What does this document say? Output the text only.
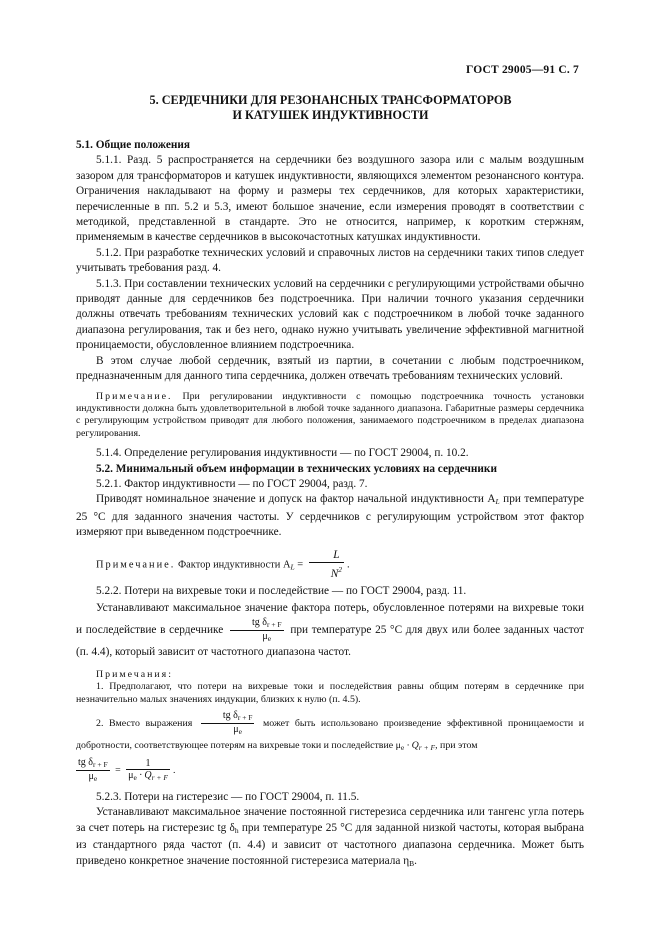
ГОСТ 29005—91 С. 7
5. СЕРДЕЧНИКИ ДЛЯ РЕЗОНАНСНЫХ ТРАНСФОРМАТОРОВ
И КАТУШЕК ИНДУКТИВНОСТИ

5.1. Общие положения

5.1.1. Разд. 5 распространяется на сердечники без воздушного зазора или с малым воздушным зазором для трансформаторов и катушек индуктивности, являющихся элементом резонансного контура. Ограничения накладывают на форму и размеры тех сердечников, для которых характеристики, перечисленные в пп. 5.2 и 5.3, имеют большое значение, если измерения проводят в соответствии с методикой, представленной в стандарте. Это не относится, например, к коротким стержням, применяемым в качестве сердечников в высокочастотных катушках индуктивности.

5.1.2. При разработке технических условий и справочных листов на сердечники таких типов следует учитывать требования разд. 4.

5.1.3. При составлении технических условий на сердечники с регулирующими устройствами обычно приводят данные для сердечников без подстроечника. При наличии точного указания сердечники должны отвечать требованиям технических условий как с подстроечником в любой точке заданного диапазона регулирования, так и без него, однако нужно учитывать увеличение эффективной магнитной проницаемости, обусловленное влиянием подстроечника.

В этом случае любой сердечник, взятый из партии, в сочетании с любым подстроечником, предназначенным для данного типа сердечника, должен отвечать требованиям технических условий.

Примечание. При регулировании индуктивности с помощью подстроечника точность установки индуктивности должна быть удовлетворительной в любой точке заданного диапазона. Габаритные размеры сердечника с регулирующим устройством приводят для любого положения, занимаемого подстроечником в пределах диапазона регулирования.

5.1.4. Определение регулирования индуктивности — по ГОСТ 29004, п. 10.2.

5.2. Минимальный объем информации в технических условиях на сердечники

5.2.1. Фактор индуктивности — по ГОСТ 29004, разд. 7.

Приводят номинальное значение и допуск на фактор начальной индуктивности $A_L$ при температуре 25 °С для заданного значения частоты. У сердечников с регулирующим устройством этот фактор измеряют при выведенном подстроечнике.

Примечание. Фактор индуктивности $A_L = \frac{L}{N^2}$ .

5.2.2. Потери на вихревые токи и последействие — по ГОСТ 29004, разд. 11.

Устанавливают максимальное значение фактора потерь, обусловленное потерями на вихревые токи и последействие в сердечнике $\frac{tg \delta_{r + F}}{\mu_e}$ при температуре 25 °С для двух или более заданных частот (п. 4.4), который зависит от частотного диапазона частот.

Примечания:

1. Предполагают, что потери на вихревые токи и последействия равны общим потерям в сердечнике при незначительно малых значениях индукции, близких к нулю (п. 4.5).

2. Вместо выражения $\frac{tg \delta_{r + F}}{\mu_e}$ может быть использовано произведение эффективной проницаемости и добротности, соответствующее потерям на вихревые токи и последействие $\mu_e \cdot Q_{r + F}$, при этом

$\frac{tg \delta_{r + F}}{\mu_e} = \frac{1}{\mu_e \cdot Q_{r + F}}$ .

5.2.3. Потери на гистерезис — по ГОСТ 29004, п. 11.5.

Устанавливают максимальное значение постоянной гистерезиса сердечника или тангенс угла потерь за счет потерь на гистерезис tg $\delta_h$ при температуре 25 °С для заданной низкой частоты, которая выбрана из стандартного ряда частот (п. 4.4) и зависит от частотного диапазона сердечника. Может быть приведено конкретное значение постоянной гистерезиса материала $\eta_B$.
